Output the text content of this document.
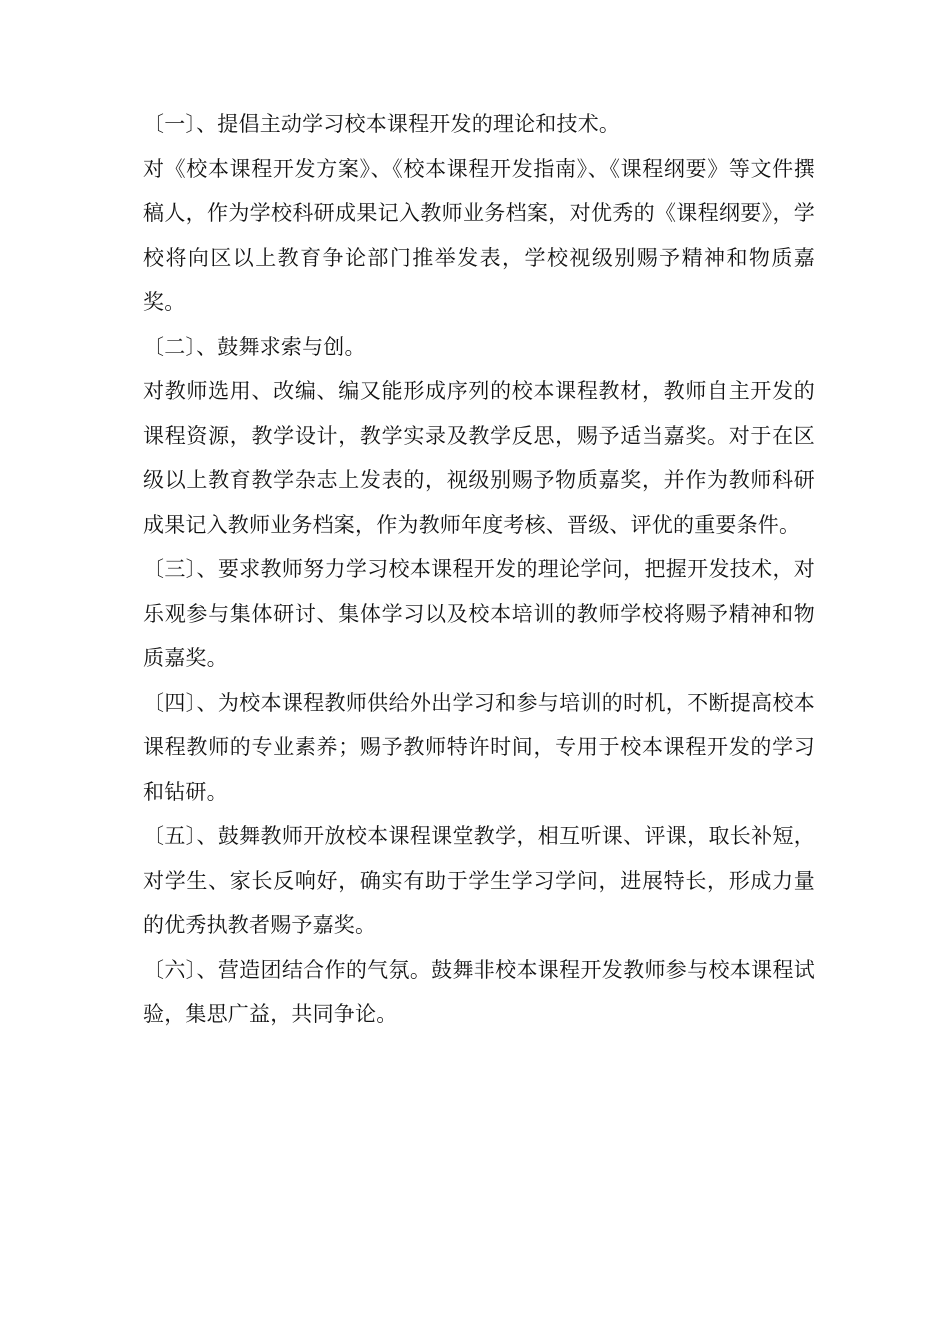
〔一〕、提倡主动学习校本课程开发的理论和技术。

对《校本课程开发方案》、《校本课程开发指南》、《课程纲要》等文件撰稿人，作为学校科研成果记入教师业务档案，对优秀的《课程纲要》，学校将向区以上教育争论部门推举发表，学校视级别赐予精神和物质嘉奖。

〔二〕、鼓舞求索与创。

对教师选用、改编、编又能形成序列的校本课程教材，教师自主开发的课程资源，教学设计，教学实录及教学反思，赐予适当嘉奖。对于在区级以上教育教学杂志上发表的，视级别赐予物质嘉奖，并作为教师科研成果记入教师业务档案，作为教师年度考核、晋级、评优的重要条件。

〔三〕、要求教师努力学习校本课程开发的理论学问，把握开发技术，对乐观参与集体研讨、集体学习以及校本培训的教师学校将赐予精神和物质嘉奖。

〔四〕、为校本课程教师供给外出学习和参与培训的时机，不断提高校本课程教师的专业素养；赐予教师特许时间，专用于校本课程开发的学习和钻研。

〔五〕、鼓舞教师开放校本课程课堂教学，相互听课、评课，取长补短，对学生、家长反响好，确实有助于学生学习学问，进展特长，形成力量的优秀执教者赐予嘉奖。

〔六〕、营造团结合作的气氛。鼓舞非校本课程开发教师参与校本课程试验，集思广益，共同争论。
